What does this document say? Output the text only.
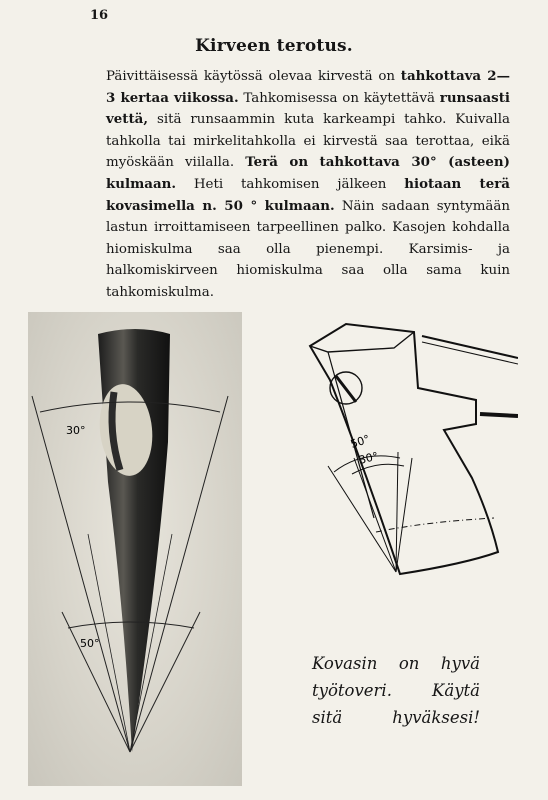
16
Kirveen terotus.
Päivittäisessä käytössä olevaa kirvestä on tahkottava 2—3 kertaa viikossa. Tahkomisessa on käytettävä runsaasti vettä, sitä runsaammin kuta karkeampi tahko. Kuivalla tahkolla tai mirkelitahkolla ei kirvestä saa terottaa, eikä myöskään viilalla. Terä on tahkottava 30° (asteen) kulmaan. Heti tahkomisen jälkeen hiotaan terä kovasimella n. 50 ° kulmaan. Näin sadaan syntymään lastun irroittamiseen tarpeellinen palko. Kasojen kohdalla hiomiskulma saa olla pienempi. Karsimis- ja halkomiskirveen hiomiskulma saa olla sama kuin tahkomiskulma.
30°
50°
50°
30°
Kovasin on hyvä
työtoveri. Käytä
sitä hyväksesi!
